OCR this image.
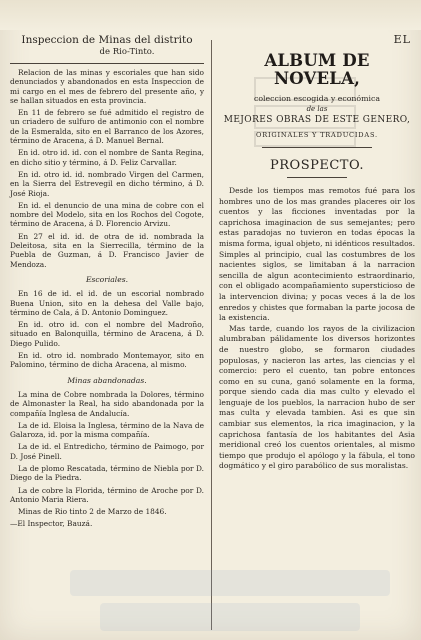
Inspeccion de Minas del distrito

de Rio-Tinto.

Relacion de las minas y escoriales que han sido denunciados y abandonados en esta Inspeccion de mi cargo en el mes de febrero del presente año, y se hallan situados en esta provincia.

En 11 de febrero se fué admitido el registro de un criadero de sulfuro de antimonio con el nombre de la Esmeralda, sito en el Barranco de los Azores, término de Aracena, á D. Manuel Bernal.

En id. otro id. id. con el nombre de Santa Regina, en dicho sitio y término, á D. Feliz Carvallar.

En id. otro id. id. nombrado Virgen del Carmen, en la Sierra del Estrevegil en dicho término, á D. José Rioja.

En id. el denuncio de una mina de cobre con el nombre del Modelo, sita en los Rochos del Cogote, término de Aracena, á D. Florencio Arvizu.

En 27 el id. id. de otra de id. nombrada la Deleitosa, sita en la Sierrecilla, término de la Puebla de Guzman, á D. Francisco Javier de Mendoza.

Escoriales.

En 16 de id. el id. de un escorial nombrado Buena Union, sito en la dehesa del Valle bajo, término de Cala, á D. Antonio Dominguez.

En id. otro id. con el nombre del Madroño, situado en Balonquilla, término de Aracena, á D. Diego Pulido.

En id. otro id. nombrado Montemayor, sito en Palomino, término de dicha Aracena, al mismo.

Minas abandonadas.

La mina de Cobre nombrada la Dolores, término de Almonaster la Real, ha sido abandonada por la compañía Inglesa de Andalucía.

La de id. Eloisa la Inglesa, término de la Nava de Galaroza, id. por la misma compañía.

La de id. el Entredicho, término de Paimogo, por D. José Pinell.

La de plomo Rescatada, término de Niebla por D. Diego de la Piedra.

La de cobre la Florida, término de Aroche por D. Antonio Maria Riera.

Minas de Rio tinto 2 de Marzo de 1846.

—El Inspector, Bauzá.

EL
ALBUM DE NOVELA,
coleccion escogida y económica
de las
MEJORES OBRAS DE ESTE GENERO,
ORIGINALES Y TRADUCIDAS.
PROSPECTO.

Desde los tiempos mas remotos fué para los hombres uno de los mas grandes placeres oir los cuentos y las ficciones inventadas por la caprichosa imaginacion de sus semejantes; pero estas paradojas no tuvieron en todas épocas la misma forma, igual objeto, ni idénticos resultados. Simples al principio, cual las costumbres de los nacientes siglos, se limitaban á la narracion sencilla de algun acontecimiento estraordinario, con el obligado acompañamiento supersticioso de la intervencion divina; y pocas veces á la de los enredos y chistes que formaban la parte jocosa de la existencia.

Mas tarde, cuando los rayos de la civilizacion alumbraban pálidamente los diversos horizontes de nuestro globo, se formaron ciudades populosas, y nacieron las artes, las ciencias y el comercio: pero el cuento, tan pobre entonces como en su cuna, ganó solamente en la forma, porque siendo cada dia mas culto y elevado el lenguaje de los pueblos, la narracion hubo de ser mas culta y elevada tambien. Asi es que sin cambiar sus elementos, la rica imaginacion, y la caprichosa fantasía de los habitantes del Asia meridional creó los cuentos orientales, al mismo tiempo que produjo el apólogo y la fábula, el tono dogmático y el giro parabólico de sus moralistas.
